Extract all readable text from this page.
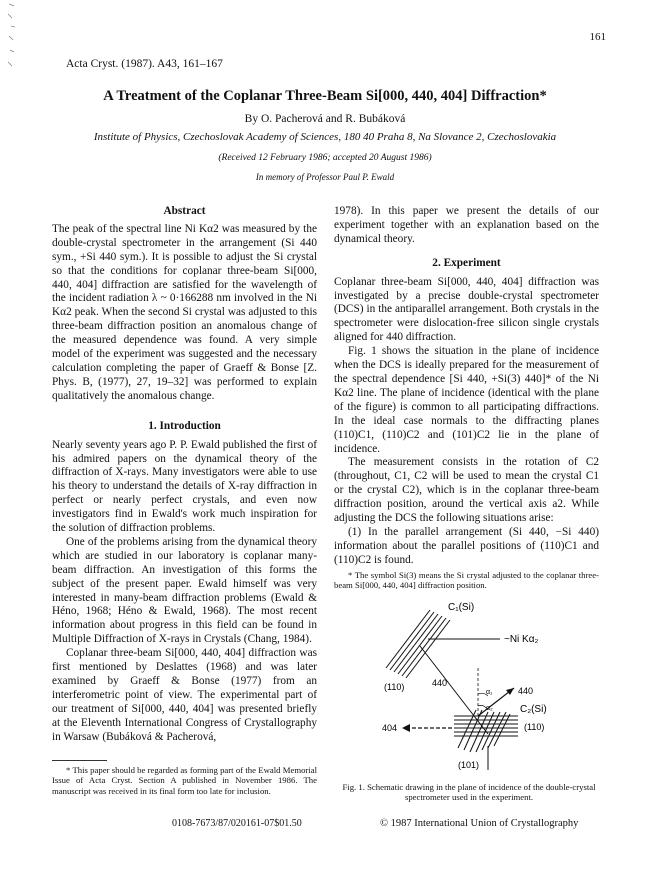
161
Acta Cryst. (1987). A43, 161–167
A Treatment of the Coplanar Three-Beam Si[000, 440, 404] Diffraction*
By O. Pacherová and R. Bubáková
Institute of Physics, Czechoslovak Academy of Sciences, 180 40 Praha 8, Na Slovance 2, Czechoslovakia
(Received 12 February 1986; accepted 20 August 1986)
In memory of Professor Paul P. Ewald

Abstract

The peak of the spectral line Ni Kα2 was measured by the double-crystal spectrometer in the arrangement (Si 440 sym., +Si 440 sym.). It is possible to adjust the Si crystal so that the conditions for coplanar three-beam Si[000, 440, 404] diffraction are satisfied for the wavelength of the incident radiation λ ~ 0·166288 nm involved in the Ni Kα2 peak. When the second Si crystal was adjusted to this three-beam diffraction position an anomalous change of the measured dependence was found. A very simple model of the experiment was suggested and the necessary calculation completing the paper of Graeff & Bonse [Z. Phys. B, (1977), 27, 19–32] was performed to explain qualitatively the anomalous change.

1. Introduction

Nearly seventy years ago P. P. Ewald published the first of his admired papers on the dynamical theory of the diffraction of X-rays. Many investigators were able to use his theory to understand the details of X-ray diffraction in perfect or nearly perfect crystals, and even now investigators find in Ewald's work much inspiration for the solution of diffraction problems.

One of the problems arising from the dynamical theory which are studied in our laboratory is coplanar many-beam diffraction. An investigation of this forms the subject of the present paper. Ewald himself was very interested in many-beam diffraction problems (Ewald & Héno, 1968; Héno & Ewald, 1968). The most recent information about progress in this field can be found in Multiple Diffraction of X-rays in Crystals (Chang, 1984).

Coplanar three-beam Si[000, 440, 404] diffraction was first mentioned by Deslattes (1968) and was later examined by Graeff & Bonse (1977) from an interferometric point of view. The experimental part of our treatment of Si[000, 440, 404] was presented briefly at the Eleventh International Congress of Crystallography in Warsaw (Bubáková & Pacherová,

* This paper should be regarded as forming part of the Ewald Memorial Issue of Acta Cryst. Section A published in November 1986. The manuscript was received in its final form too late for inclusion.

0108-7673/87/020161-07$01.50

1978). In this paper we present the details of our experiment together with an explanation based on the dynamical theory.

2. Experiment

Coplanar three-beam Si[000, 440, 404] diffraction was investigated by a precise double-crystal spectrometer (DCS) in the antiparallel arrangement. Both crystals in the spectrometer were dislocation-free silicon single crystals aligned for 440 diffraction.

Fig. 1 shows the situation in the plane of incidence when the DCS is ideally prepared for the measurement of the spectral dependence [Si 440, +Si(3) 440]* of the Ni Kα2 line. The plane of incidence (identical with the plane of the figure) is common to all participating diffractions. In the ideal case normals to the diffracting planes (110)C1, (110)C2 and (101)C2 lie in the plane of incidence.

The measurement consists in the rotation of C2 (throughout, C1, C2 will be used to mean the crystal C1 or the crystal C2), which is in the coplanar three-beam diffraction position, around the vertical axis a2. While adjusting the DCS the following situations arise:

(1) In the parallel arrangement (Si 440, −Si 440) information about the parallel positions of (110)C1 and (110)C2 is found.

* The symbol Si(3) means the Si crystal adjusted to the coplanar three-beam Si[000, 440, 404] diffraction position.

C₁(Si)
~Ni Kα₂
(110)	440
440
α₁
α₂
404
C₂(Si)
(110)
(101)
Fig. 1. Schematic drawing in the plane of incidence of the double-crystal spectrometer used in the experiment.
© 1987 International Union of Crystallography
